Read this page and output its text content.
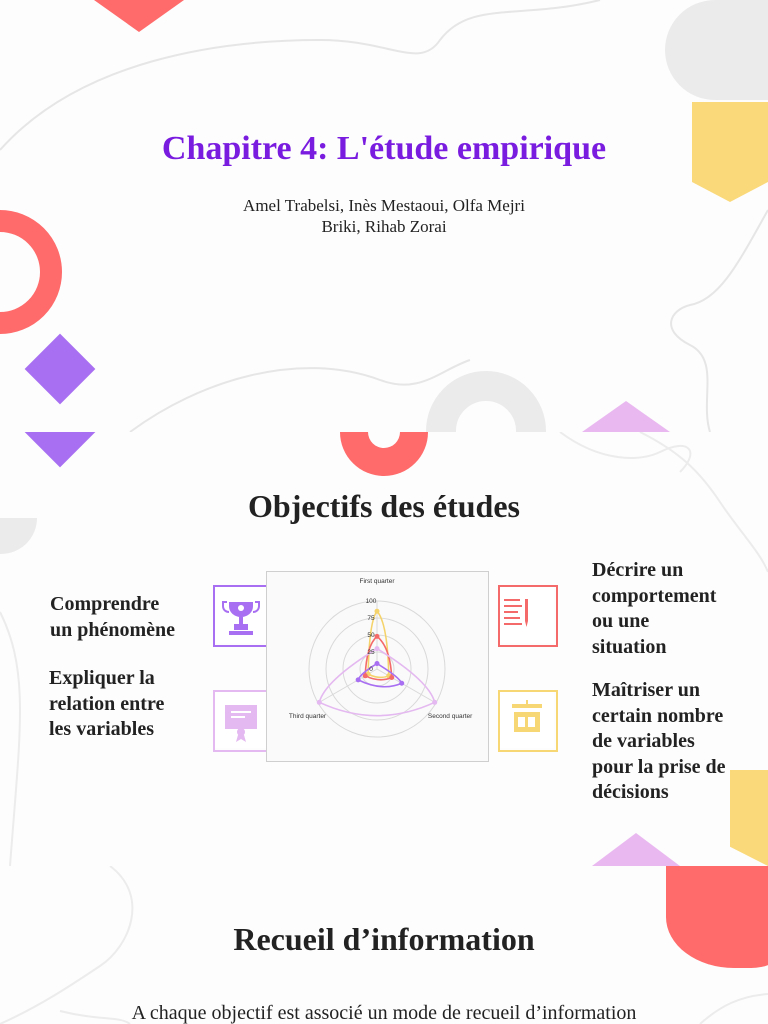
Chapitre 4: L'étude empirique
Amel Trabelsi, Inès Mestaoui, Olfa Mejri
Briki, Rihab Zorai
Objectifs des études
Comprendre
un phénomène
Expliquer la
relation entre
les variables
Décrire un
comportement
ou une
situation
Maîtriser un
certain nombre
de variables
pour la prise de
décisions
100
75
50
25
0
First quarter
Second quarter
Third quarter
Recueil d’information
A chaque objectif est associé un mode de recueil d’information
